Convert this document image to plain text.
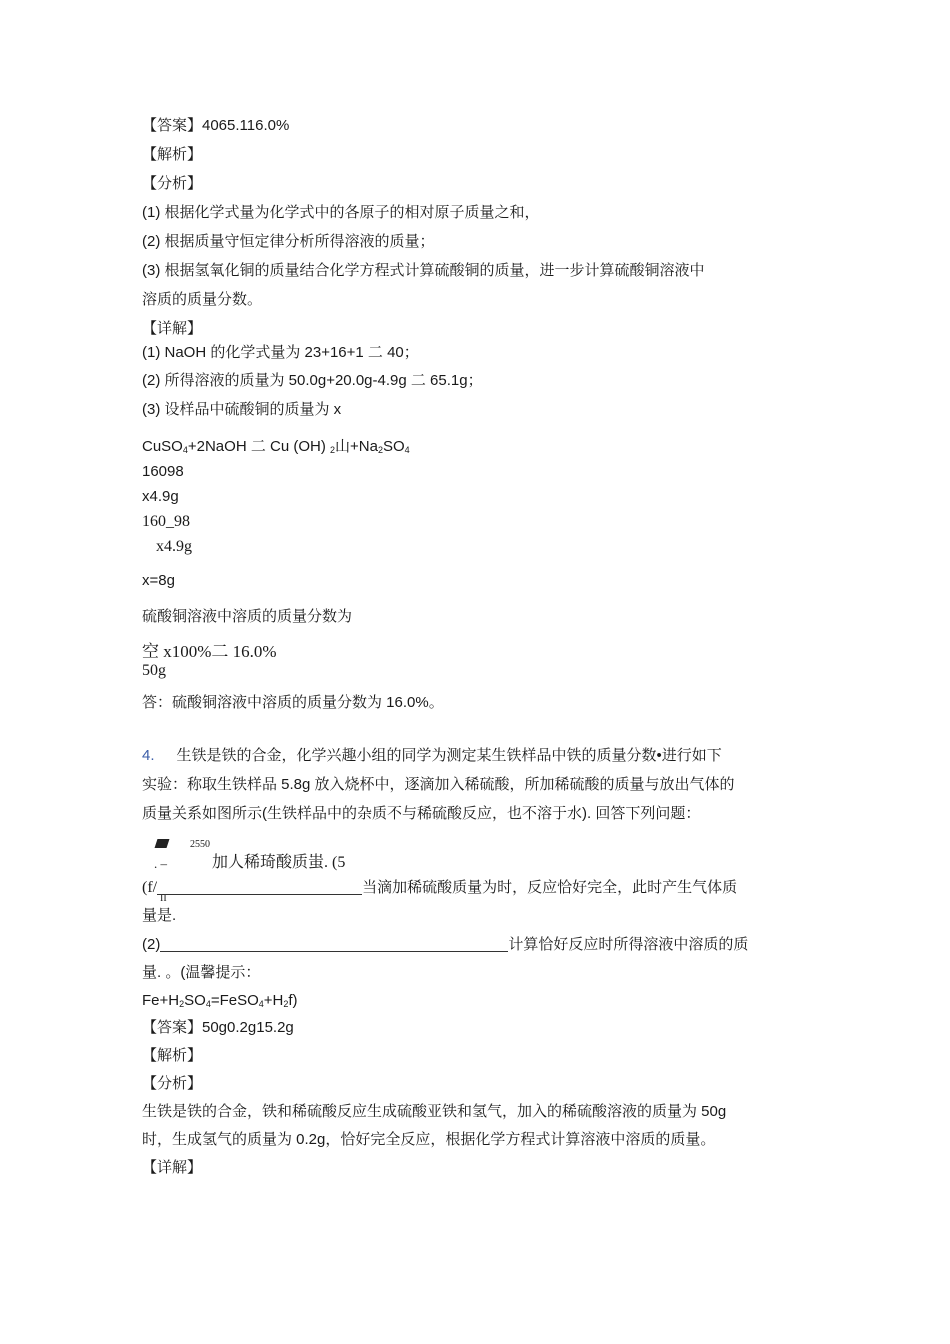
【答案】4065.116.0%
【解析】
【分析】
(1) 根据化学式量为化学式中的各原子的相对原子质量之和，
(2) 根据质量守恒定律分析所得溶液的质量；
(3) 根据氢氧化铜的质量结合化学方程式计算硫酸铜的质量，进一步计算硫酸铜溶液中
溶质的质量分数。
【详解】
(1) NaOH 的化学式量为 23+16+1 二 40；
(2) 所得溶液的质量为 50.0g+20.0g-4.9g 二 65.1g；
(3) 设样品中硫酸铜的质量为 x
CuSO$_4$+2NaOH 二 Cu (OH) $_2$山$+Na_2SO_4$
16098
x4.9g
160_98
x4.9g
x=8g
硫酸铜溶液中溶质的质量分数为
空 x100%二 16.0%
50g
答：硫酸铜溶液中溶质的质量分数为 16.0%。
4. 生铁是铁的合金，化学兴趣小组的同学为测定某生铁样品中铁的质量分数•进行如下
实验：称取生铁样品 5.8g 放入烧杯中，逐滴加入稀硫酸，所加稀硫酸的质量与放出气体的
质量关系如图所示(生铁样品中的杂质不与稀硫酸反应，也不溶于水). 回答下列问题：
2550
. –	加人稀琦酸质蚩. (5
II
(f/	当滴加稀硫酸质量为时，反应恰好完全，此时产生气体质
量是.
(2)	计算恰好反应时所得溶液中溶质的质
量. 。(温馨提示：
$Fe+H_2SO_4=FeSO_4+H_2f$)
【答案】50g0.2g15.2g
【解析】
【分析】
生铁是铁的合金，铁和稀硫酸反应生成硫酸亚铁和氢气，加入的稀硫酸溶液的质量为 50g
时，生成氢气的质量为 0.2g，恰好完全反应，根据化学方程式计算溶液中溶质的质量。
【详解】
